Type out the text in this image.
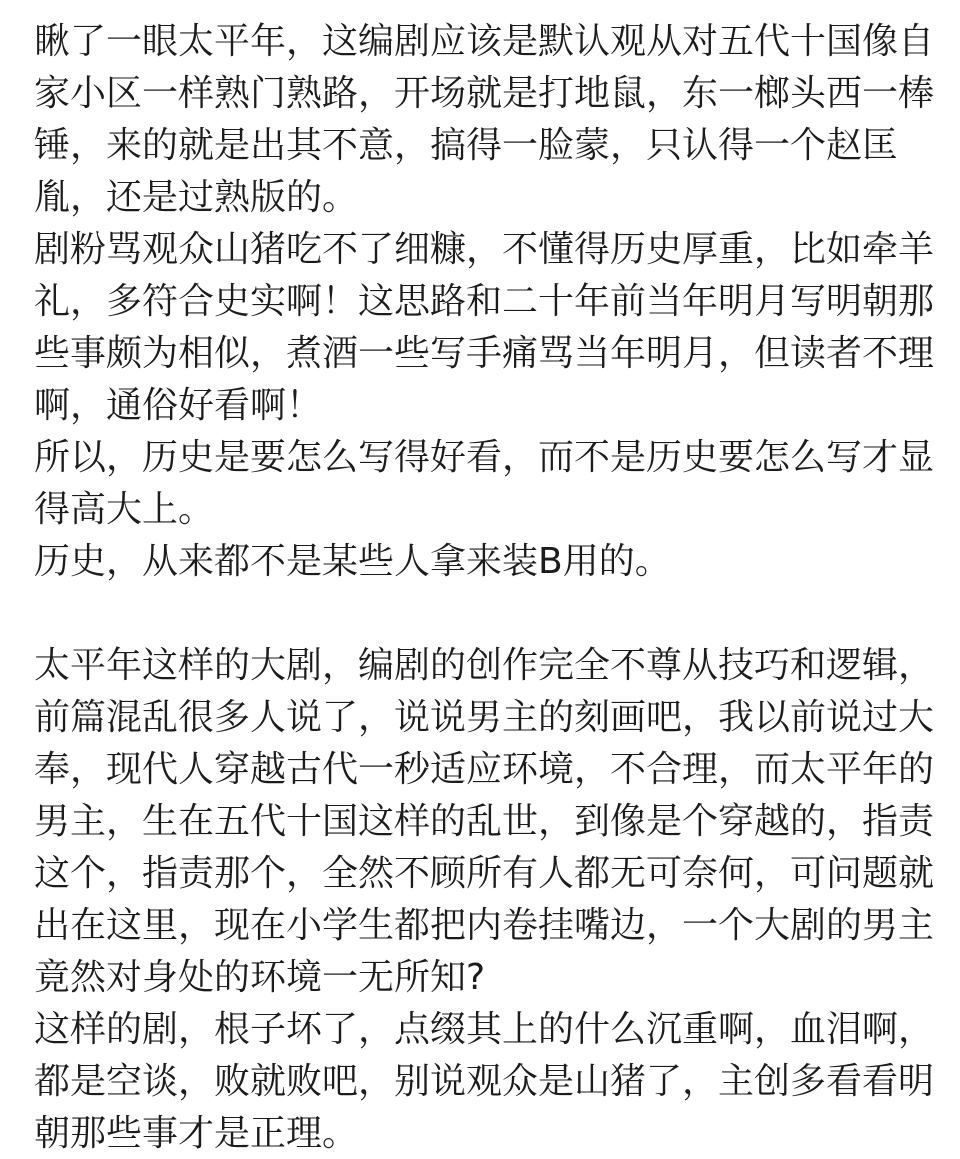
瞅了一眼太平年，这编剧应该是默认观从对五代十国像自
家小区一样熟门熟路，开场就是打地鼠，东一榔头西一棒
锤，来的就是出其不意，搞得一脸蒙，只认得一个赵匡
胤，还是过熟版的。
剧粉骂观众山猪吃不了细糠，不懂得历史厚重，比如牵羊
礼，多符合史实啊！这思路和二十年前当年明月写明朝那
些事颇为相似，煮酒一些写手痛骂当年明月，但读者不理
啊，通俗好看啊！
所以，历史是要怎么写得好看，而不是历史要怎么写才显
得高大上。
历史，从来都不是某些人拿来装B用的。
太平年这样的大剧，编剧的创作完全不尊从技巧和逻辑，
前篇混乱很多人说了，说说男主的刻画吧，我以前说过大
奉，现代人穿越古代一秒适应环境，不合理，而太平年的
男主，生在五代十国这样的乱世，到像是个穿越的，指责
这个，指责那个，全然不顾所有人都无可奈何，可问题就
出在这里，现在小学生都把内卷挂嘴边，一个大剧的男主
竟然对身处的环境一无所知?
这样的剧，根子坏了，点缀其上的什么沉重啊，血泪啊，
都是空谈，败就败吧，别说观众是山猪了，主创多看看明
朝那些事才是正理。
